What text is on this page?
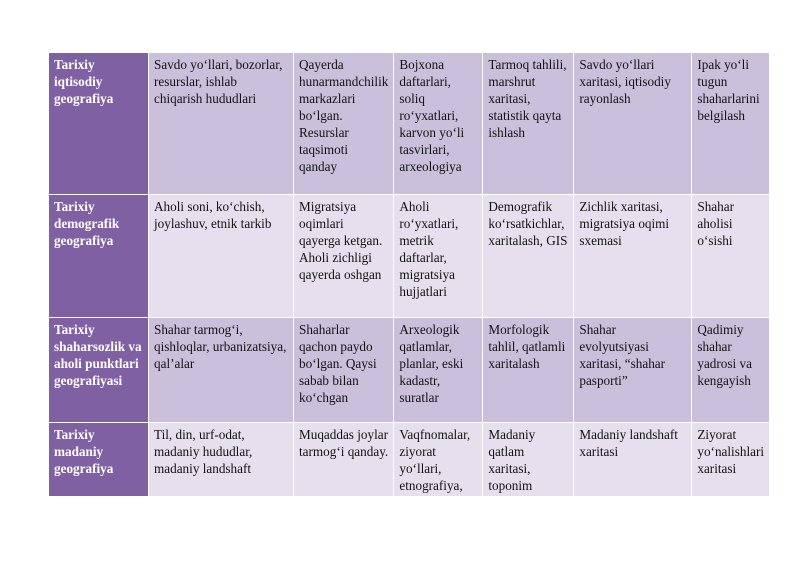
Tarixiy iqtisodiy geografiya	Savdo yo‘llari, bozorlar, resurslar, ishlab chiqarish hududlari	Qayerda hunarmandchilik markazlari bo‘lgan. Resurslar taqsimoti qanday	Bojxona daftarlari, soliq ro‘yxatlari, karvon yo‘li tasvirlari, arxeologiya	Tarmoq tahlili, marshrut xaritasi, statistik qayta ishlash	Savdo yo‘llari xaritasi, iqtisodiy rayonlash	Ipak yo‘li tugun shaharlarini belgilash
Tarixiy demografik geografiya	Aholi soni, ko‘chish, joylashuv, etnik tarkib	Migratsiya oqimlari qayerga ketgan. Aholi zichligi qayerda oshgan	Aholi ro‘yxatlari, metrik daftarlar, migratsiya hujjatlari	Demografik ko‘rsatkichlar, xaritalash, GIS	Zichlik xaritasi, migratsiya oqimi sxemasi	Shahar aholisi o‘sishi
Tarixiy shaharsozlik va aholi punktlari geografiyasi	Shahar tarmog‘i, qishloqlar, urbanizatsiya, qal’alar	Shaharlar qachon paydo bo‘lgan. Qaysi sabab bilan ko‘chgan	Arxeologik qatlamlar, planlar, eski kadastr, suratlar	Morfologik tahlil, qatlamli xaritalash	Shahar evolyutsiyasi xaritasi, “shahar pasporti”	Qadimiy shahar yadrosi va kengayish
Tarixiy madaniy geografiya	Til, din, urf-odat, madaniy hududlar, madaniy landshaft	Muqaddas joylar tarmog‘i qanday.	Vaqfnomalar, ziyorat yo‘llari, etnografiya,	Madaniy qatlam xaritasi, toponim	Madaniy landshaft xaritasi	Ziyorat yo‘nalishlari xaritasi
